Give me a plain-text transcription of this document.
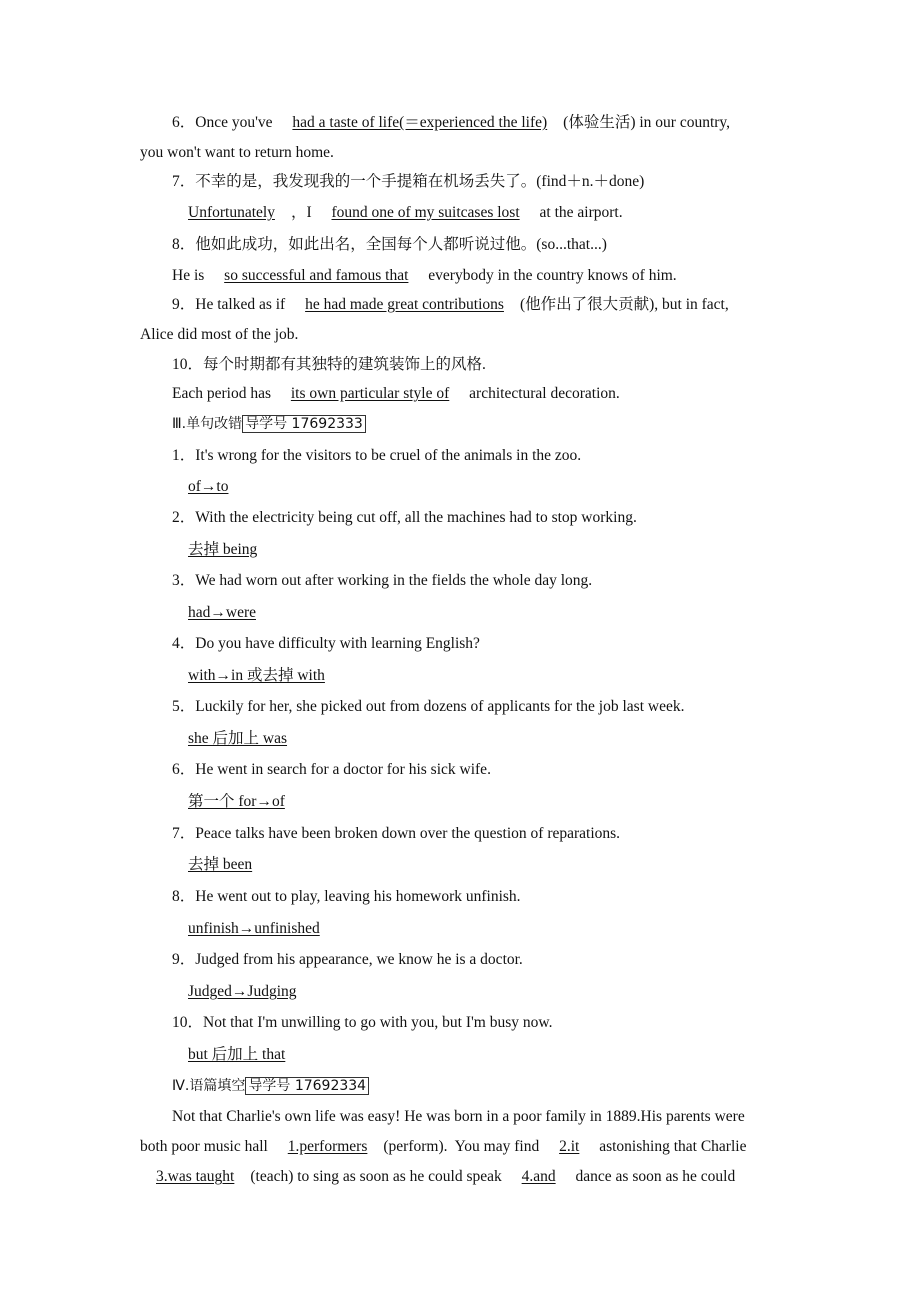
6．Once you've had a taste of life(＝experienced the life) (体验生活) in our country,
you won't want to return home.
7．不幸的是，我发现我的一个手提箱在机场丢失了。(find＋n.＋done)
Unfortunately ，I found one of my suitcases lost at the airport.
8．他如此成功，如此出名，全国每个人都听说过他。(so...that...)
He is so successful and famous that everybody in the country knows of him.
9．He talked as if he had made great contributions (他作出了很大贡献), but in fact,
Alice did most of the job.
10．每个时期都有其独特的建筑装饰上的风格.
Each period has its own particular style of architectural decoration.
Ⅲ.单句改错 导学号 17692333
1．It's wrong for the visitors to be cruel of the animals in the zoo.
of→to
2．With the electricity being cut off, all the machines had to stop working.
去掉 being
3．We had worn out after working in the fields the whole day long.
had→were
4．Do you have difficulty with learning English?
with→in 或去掉 with
5．Luckily for her, she picked out from dozens of applicants for the job last week.
she 后加上 was
6．He went in search for a doctor for his sick wife.
第一个 for→of
7．Peace talks have been broken down over the question of reparations.
去掉 been
8．He went out to play, leaving his homework unfinish.
unfinish→unfinished
9．Judged from his appearance, we know he is a doctor.
Judged→Judging
10．Not that I'm unwilling to go with you, but I'm busy now.
but 后加上 that
Ⅳ.语篇填空 导学号 17692334
Not that Charlie's own life was easy! He was born in a poor family in 1889.His parents were
both poor music hall 1.performers (perform).  You may find 2.it astonishing that Charlie
3.was taught (teach) to sing as soon as he could speak 4.and dance as soon as he could
